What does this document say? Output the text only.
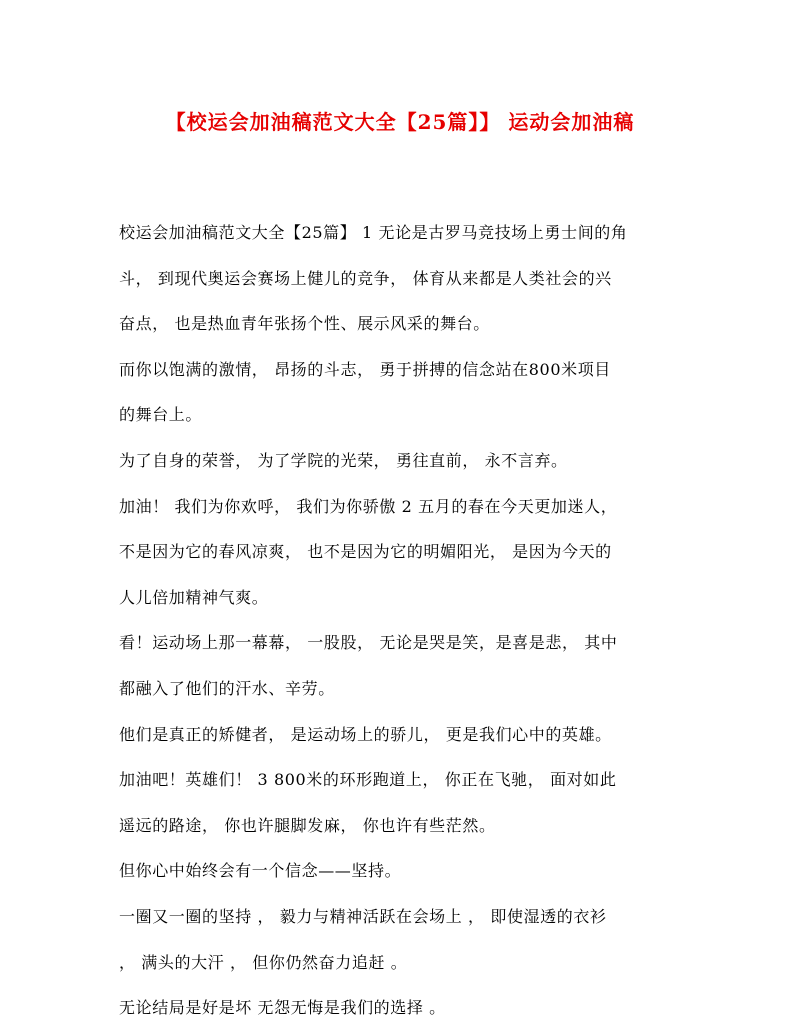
【校运会加油稿范文大全【25篇】】 运动会加油稿
校运会加油稿范文大全【25篇】 1 无论是古罗马竞技场上勇士间的角
斗， 到现代奥运会赛场上健儿的竞争， 体育从来都是人类社会的兴
奋点， 也是热血青年张扬个性、展示风采的舞台。
而你以饱满的激情， 昂扬的斗志， 勇于拼搏的信念站在800米项目
的舞台上。
为了自身的荣誉， 为了学院的光荣， 勇往直前， 永不言弃。
加油！ 我们为你欢呼， 我们为你骄傲 2 五月的春在今天更加迷人，
不是因为它的春风凉爽， 也不是因为它的明媚阳光， 是因为今天的
人儿倍加精神气爽。
看！运动场上那一幕幕， 一股股， 无论是哭是笑，是喜是悲， 其中
都融入了他们的汗水、辛劳。
他们是真正的矫健者， 是运动场上的骄儿， 更是我们心中的英雄。
加油吧！英雄们！ 3 800米的环形跑道上， 你正在飞驰， 面对如此
遥远的路途， 你也许腿脚发麻， 你也许有些茫然。
但你心中始终会有一个信念——坚持。
一圈又一圈的坚持 ， 毅力与精神活跃在会场上 ， 即使湿透的衣衫
， 满头的大汗 ， 但你仍然奋力追赶 。
无论结局是好是坏 无怨无悔是我们的选择 。
